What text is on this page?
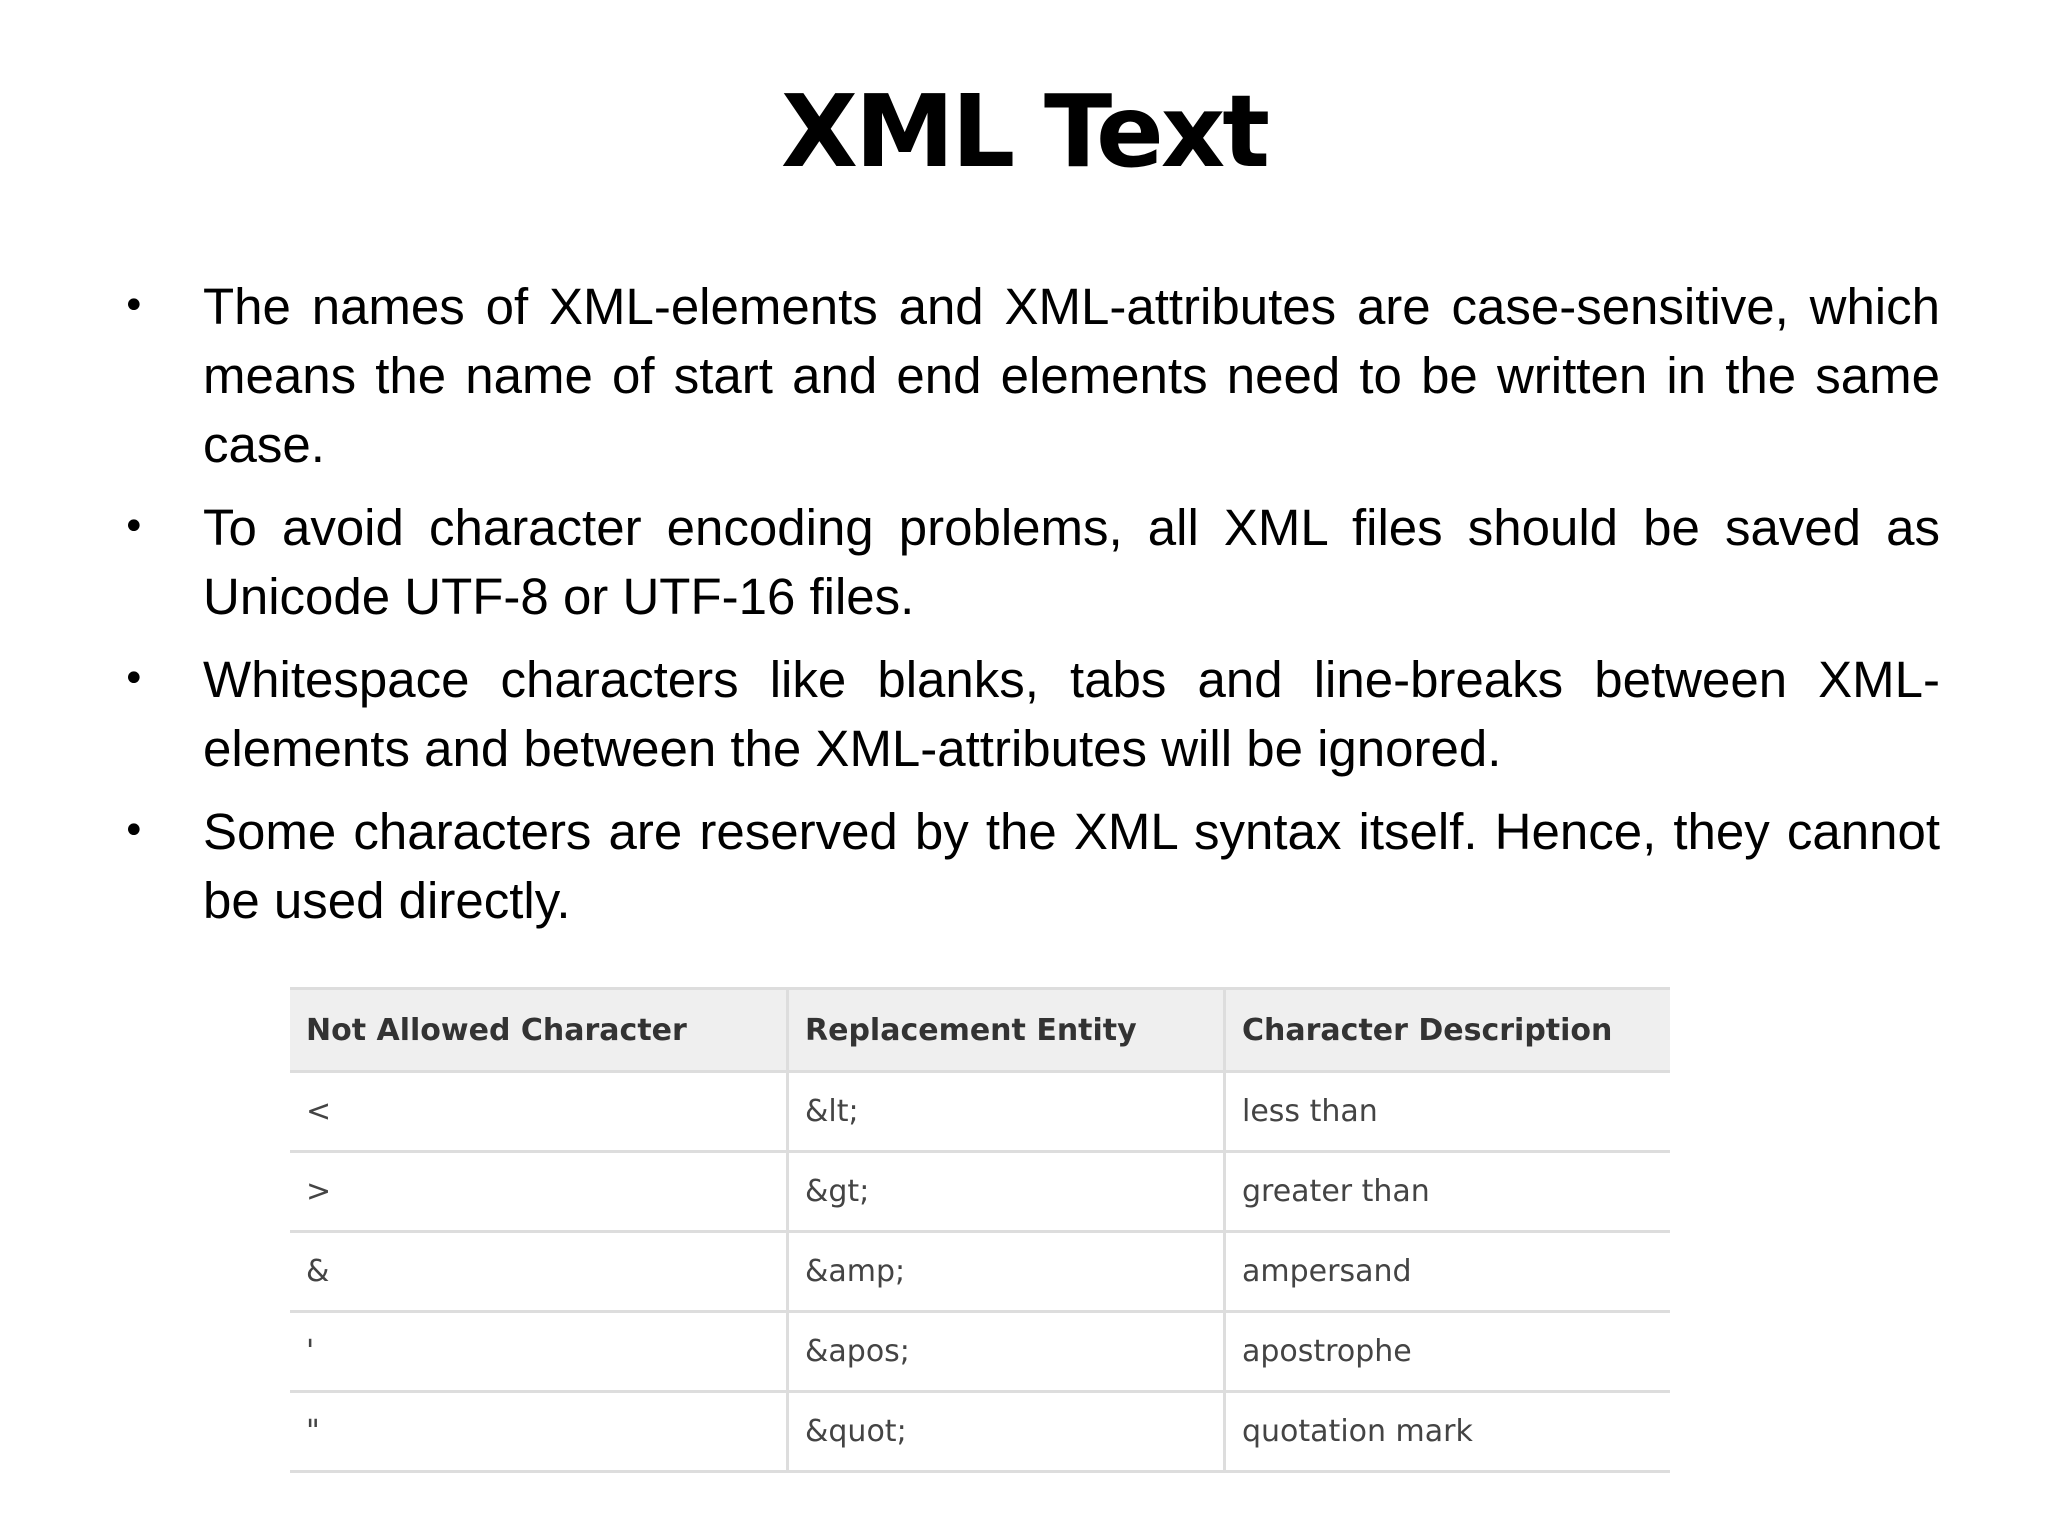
XML Text
• The names of XML-elements and XML-attributes are case-sensitive, which means the name of start and end elements need to be written in the same case.
• To avoid character encoding problems, all XML files should be saved as Unicode UTF-8 or UTF-16 files.
• Whitespace characters like blanks, tabs and line-breaks between XML-elements and between the XML-attributes will be ignored.
• Some characters are reserved by the XML syntax itself. Hence, they cannot be used directly.
Not Allowed Character	Replacement Entity	Character Description
<	&lt;	less than
>	&gt;	greater than
&	&amp;	ampersand
'	&apos;	apostrophe
"	&quot;	quotation mark
